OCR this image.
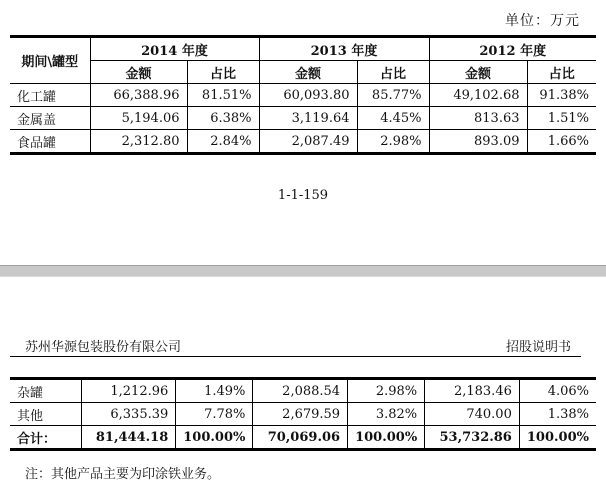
单位：万元
期间\罐型	2014 年度		2013 年度		2012 年度	
	金额	占比	金额	占比	金额	占比
化工罐	66,388.96	81.51%	60,093.80	85.77%	49,102.68	91.38%
金属盖	5,194.06	6.38%	3,119.64	4.45%	813.63	1.51%
食品罐	2,312.80	2.84%	2,087.49	2.98%	893.09	1.66%
1-1-159
苏州华源包装股份有限公司	招股说明书
杂罐	1,212.96	1.49%	2,088.54	2.98%	2,183.46	4.06%
其他	6,335.39	7.78%	2,679.59	3.82%	740.00	1.38%
合计：	81,444.18	100.00%	70,069.06	100.00%	53,732.86	100.00%
注：其他产品主要为印涂铁业务。
